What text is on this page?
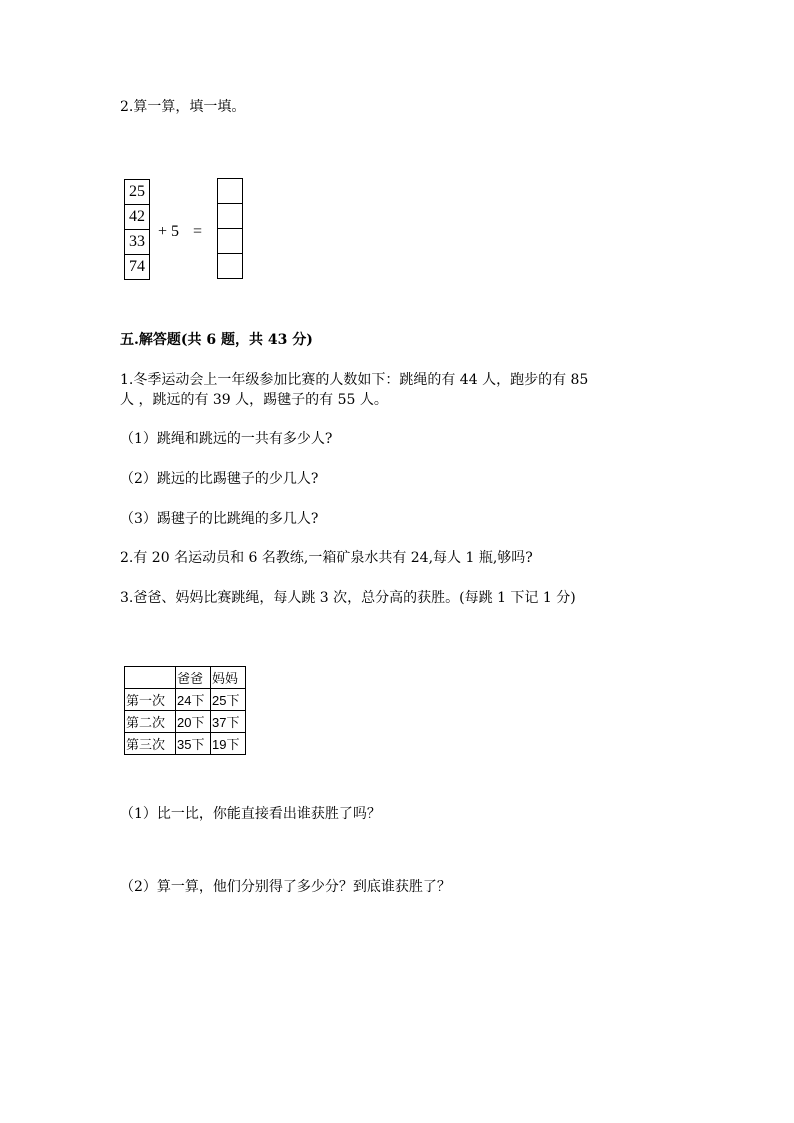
2.算一算，填一填。
25
42
33
74
+ 5 =

五.解答题(共 6 题，共 43 分)
1.冬季运动会上一年级参加比赛的人数如下：跳绳的有 44 人，跑步的有 85
人 ，跳远的有 39 人，踢毽子的有 55 人。
（1）跳绳和跳远的一共有多少人?
（2）跳远的比踢毽子的少几人?
（3）踢毽子的比跳绳的多几人?
2.有 20 名运动员和 6 名教练,一箱矿泉水共有 24,每人 1 瓶,够吗?
3.爸爸、妈妈比赛跳绳，每人跳 3 次，总分高的获胜。(每跳 1 下记 1 分)
	爸爸	妈妈
第一次	24下	25下
第二次	20下	37下
第三次	35下	19下
（1）比一比，你能直接看出谁获胜了吗？
（2）算一算，他们分别得了多少分？到底谁获胜了？
